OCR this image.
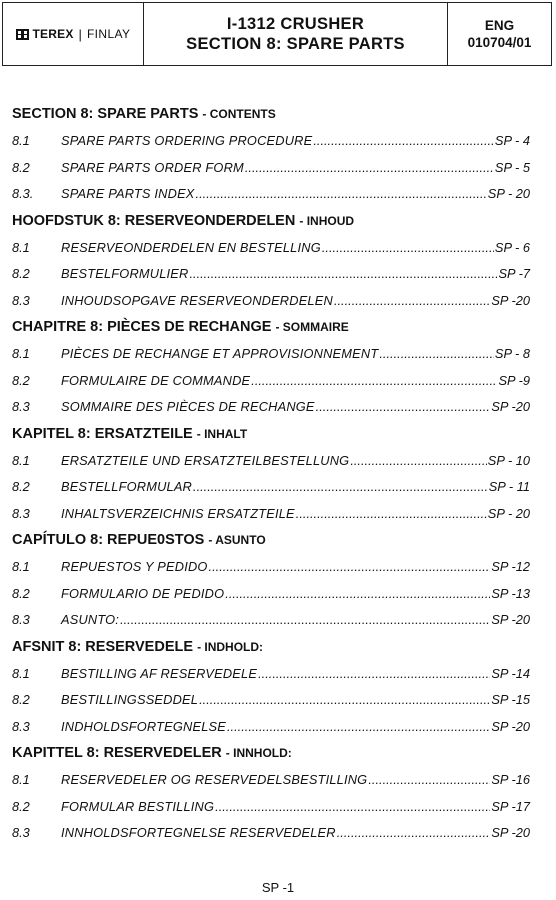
TEREX | FINLAY
I-1312 CRUSHER
SECTION 8: SPARE PARTS
ENG
010704/01
SECTION 8: SPARE PARTS - CONTENTS
8.1	SPARE PARTS ORDERING PROCEDURE .....	SP - 4
8.2	SPARE PARTS ORDER FORM .....	SP - 5
8.3.	SPARE PARTS INDEX .....	SP - 20
HOOFDSTUK 8: RESERVEONDERDELEN - INHOUD
8.1	RESERVEONDERDELEN EN BESTELLING .....	SP - 6
8.2	BESTELFORMULIER .....	SP -7
8.3	INHOUDSOPGAVE RESERVEONDERDELEN .....	SP -20
CHAPITRE 8: PIÈCES DE RECHANGE - SOMMAIRE
8.1	PIÈCES DE RECHANGE ET APPROVISIONNEMENT .....	SP - 8
8.2	FORMULAIRE DE COMMANDE .....	SP -9
8.3	SOMMAIRE DES PIÈCES DE RECHANGE .....	SP -20
KAPITEL 8: ERSATZTEILE - INHALT
8.1	ERSATZTEILE UND ERSATZTEILBESTELLUNG .....	SP - 10
8.2	BESTELLFORMULAR .....	SP - 11
8.3	INHALTSVERZEICHNIS ERSATZTEILE .....	SP - 20
CAPÍTULO 8: REPUE0STOS - ASUNTO
8.1	REPUESTOS Y PEDIDO .....	SP -12
8.2	FORMULARIO DE PEDIDO .....	SP -13
8.3	ASUNTO: .....	SP -20
AFSNIT 8: RESERVEDELE - INDHOLD:
8.1	BESTILLING AF RESERVEDELE .....	SP -14
8.2	BESTILLINGSSEDDEL .....	SP -15
8.3	INDHOLDSFORTEGNELSE .....	SP -20
KAPITTEL 8: RESERVEDELER - INNHOLD:
8.1	RESERVEDELER OG RESERVEDELSBESTILLING .....	SP -16
8.2	FORMULAR BESTILLING .....	SP -17
8.3	INNHOLDSFORTEGNELSE RESERVEDELER .....	SP -20
SP -1
